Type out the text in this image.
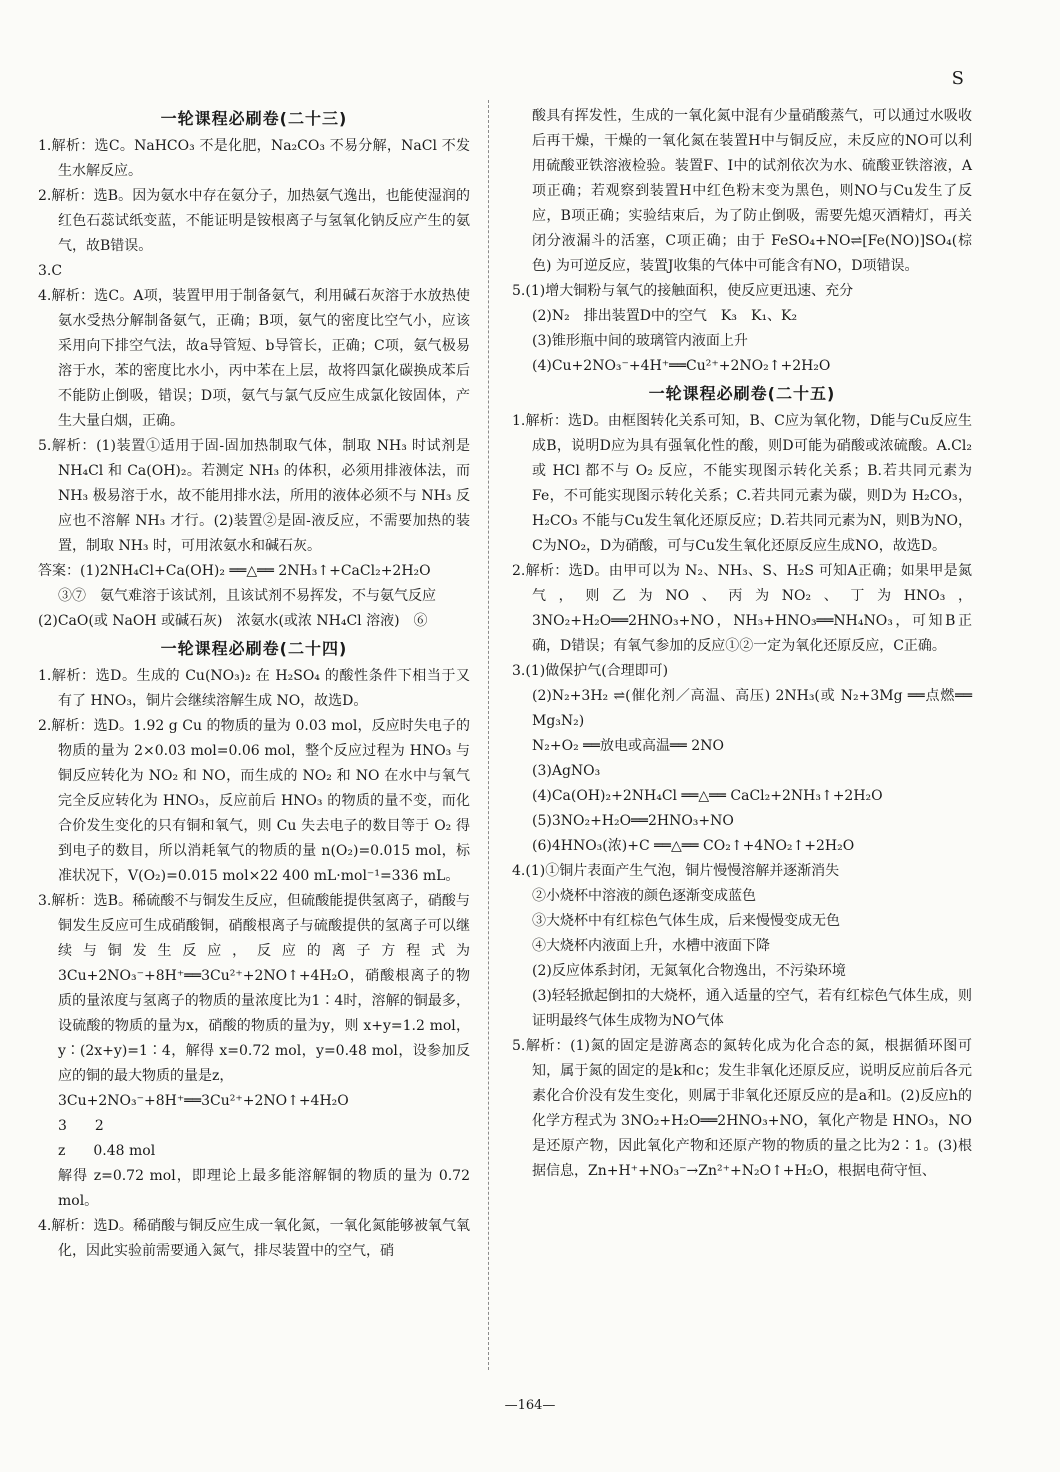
S
一轮课程必刷卷(二十三)

1.解析：选C。NaHCO₃ 不是化肥，Na₂CO₃ 不易分解，NaCl 不发生水解反应。

2.解析：选B。因为氨水中存在氨分子，加热氨气逸出，也能使湿润的红色石蕊试纸变蓝，不能证明是铵根离子与氢氧化钠反应产生的氨气，故B错误。

3.C

4.解析：选C。A项，装置甲用于制备氨气，利用碱石灰溶于水放热使氨水受热分解制备氨气，正确；B项，氨气的密度比空气小，应该采用向下排空气法，故a导管短、b导管长，正确；C项，氨气极易溶于水，苯的密度比水小，丙中苯在上层，故将四氯化碳换成苯后不能防止倒吸，错误；D项，氨气与氯气反应生成氯化铵固体，产生大量白烟，正确。

5.解析：(1)装置①适用于固-固加热制取气体，制取 NH₃ 时试剂是 NH₄Cl 和 Ca(OH)₂。若测定 NH₃ 的体积，必须用排液体法，而 NH₃ 极易溶于水，故不能用排水法，所用的液体必须不与 NH₃ 反应也不溶解 NH₃ 才行。(2)装置②是固-液反应，不需要加热的装置，制取 NH₃ 时，可用浓氨水和碱石灰。

答案：(1)2NH₄Cl+Ca(OH)₂ ══△══ 2NH₃↑+CaCl₂+2H₂O

③⑦　氨气难溶于该试剂，且该试剂不易挥发，不与氨气反应

(2)CaO(或 NaOH 或碱石灰)　浓氨水(或浓 NH₄Cl 溶液)　⑥

一轮课程必刷卷(二十四)

1.解析：选D。生成的 Cu(NO₃)₂ 在 H₂SO₄ 的酸性条件下相当于又有了 HNO₃，铜片会继续溶解生成 NO，故选D。

2.解析：选D。1.92 g Cu 的物质的量为 0.03 mol，反应时失电子的物质的量为 2×0.03 mol=0.06 mol，整个反应过程为 HNO₃ 与铜反应转化为 NO₂ 和 NO，而生成的 NO₂ 和 NO 在水中与氧气完全反应转化为 HNO₃，反应前后 HNO₃ 的物质的量不变，而化合价发生变化的只有铜和氧气，则 Cu 失去电子的数目等于 O₂ 得到电子的数目，所以消耗氧气的物质的量 n(O₂)=0.015 mol，标准状况下，V(O₂)=0.015 mol×22 400 mL·mol⁻¹=336 mL。

3.解析：选B。稀硫酸不与铜发生反应，但硫酸能提供氢离子，硝酸与铜发生反应可生成硝酸铜，硝酸根离子与硫酸提供的氢离子可以继续与铜发生反应，反应的离子方程式为 3Cu+2NO₃⁻+8H⁺══3Cu²⁺+2NO↑+4H₂O，硝酸根离子的物质的量浓度与氢离子的物质的量浓度比为1∶4时，溶解的铜最多，设硫酸的物质的量为x，硝酸的物质的量为y，则 x+y=1.2 mol，y∶(2x+y)=1∶4，解得 x=0.72 mol，y=0.48 mol，设参加反应的铜的最大物质的量是z，

3Cu+2NO₃⁻+8H⁺══3Cu²⁺+2NO↑+4H₂O

3　　2

z　　0.48 mol

解得 z=0.72 mol，即理论上最多能溶解铜的物质的量为 0.72 mol。

4.解析：选D。稀硝酸与铜反应生成一氧化氮，一氧化氮能够被氧气氧化，因此实验前需要通入氮气，排尽装置中的空气，硝

酸具有挥发性，生成的一氧化氮中混有少量硝酸蒸气，可以通过水吸收后再干燥，干燥的一氧化氮在装置H中与铜反应，未反应的NO可以利用硫酸亚铁溶液检验。装置F、I中的试剂依次为水、硫酸亚铁溶液，A项正确；若观察到装置H中红色粉末变为黑色，则NO与Cu发生了反应，B项正确；实验结束后，为了防止倒吸，需要先熄灭酒精灯，再关闭分液漏斗的活塞，C项正确；由于 FeSO₄+NO⇌[Fe(NO)]SO₄(棕色) 为可逆反应，装置J收集的气体中可能含有NO，D项错误。

5.(1)增大铜粉与氧气的接触面积，使反应更迅速、充分

(2)N₂　排出装置D中的空气　K₃　K₁、K₂

(3)锥形瓶中间的玻璃管内液面上升

(4)Cu+2NO₃⁻+4H⁺══Cu²⁺+2NO₂↑+2H₂O

一轮课程必刷卷(二十五)

1.解析：选D。由框图转化关系可知，B、C应为氧化物，D能与Cu反应生成B，说明D应为具有强氧化性的酸，则D可能为硝酸或浓硫酸。A.Cl₂ 或 HCl 都不与 O₂ 反应，不能实现图示转化关系；B.若共同元素为Fe，不可能实现图示转化关系；C.若共同元素为碳，则D为 H₂CO₃，H₂CO₃ 不能与Cu发生氧化还原反应；D.若共同元素为N，则B为NO，C为NO₂，D为硝酸，可与Cu发生氧化还原反应生成NO，故选D。

2.解析：选D。由甲可以为 N₂、NH₃、S、H₂S 可知A正确；如果甲是氮气，则乙为NO、丙为NO₂、丁为HNO₃，3NO₂+H₂O══2HNO₃+NO，NH₃+HNO₃══NH₄NO₃，可知B正确，D错误；有氧气参加的反应①②一定为氧化还原反应，C正确。

3.(1)做保护气(合理即可)

(2)N₂+3H₂ ⇌(催化剂／高温、高压) 2NH₃(或 N₂+3Mg ══点燃══ Mg₃N₂)

N₂+O₂ ══放电或高温══ 2NO

(3)AgNO₃

(4)Ca(OH)₂+2NH₄Cl ══△══ CaCl₂+2NH₃↑+2H₂O

(5)3NO₂+H₂O══2HNO₃+NO

(6)4HNO₃(浓)+C ══△══ CO₂↑+4NO₂↑+2H₂O

4.(1)①铜片表面产生气泡，铜片慢慢溶解并逐渐消失

②小烧杯中溶液的颜色逐渐变成蓝色

③大烧杯中有红棕色气体生成，后来慢慢变成无色

④大烧杯内液面上升，水槽中液面下降

(2)反应体系封闭，无氮氧化合物逸出，不污染环境

(3)轻轻掀起倒扣的大烧杯，通入适量的空气，若有红棕色气体生成，则证明最终气体生成物为NO气体

5.解析：(1)氮的固定是游离态的氮转化成为化合态的氮，根据循环图可知，属于氮的固定的是k和c；发生非氧化还原反应，说明反应前后各元素化合价没有发生变化，则属于非氧化还原反应的是a和l。(2)反应h的化学方程式为 3NO₂+H₂O══2HNO₃+NO，氧化产物是 HNO₃，NO是还原产物，因此氧化产物和还原产物的物质的量之比为2∶1。(3)根据信息，Zn+H⁺+NO₃⁻→Zn²⁺+N₂O↑+H₂O，根据电荷守恒、

—164—
